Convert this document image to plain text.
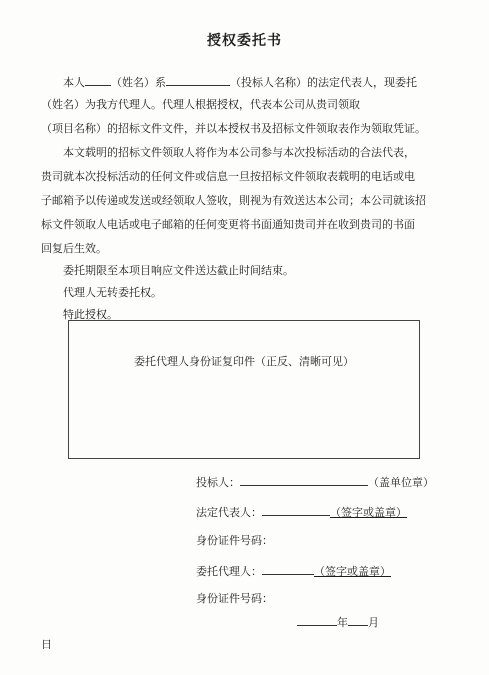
授权委托书
本人 （姓名）系	（投标人名称）的法定代表人，现委托
（姓名）为我方代理人。代理人根据授权，代表本公司从贵司领取
（项目名称）的招标文件文件，并以本授权书及招标文件领取表作为领取凭证。
本文载明的招标文件领取人将作为本公司参与本次投标活动的合法代表，
贵司就本次投标活动的任何文件或信息一旦按招标文件领取表载明的电话或电
子邮箱予以传递或发送或经领取人签收，則视为有效送达本公司；本公司就该招
标文件领取人电话或电子邮箱的任何变更将书面通知贵司并在收到贵司的书面
回复后生效。
委托期限至本项目响应文件送达截止时间结束。
代理人无转委托权。
特此授权。
委托代理人身份证复印件（正反、清晰可见）
投标人：	（盖单位章）
法定代表人：	（签字或盖章）
身份证件号码：
委托代理人：	（签字或盖章）
身份证件号码：
年 月
日
